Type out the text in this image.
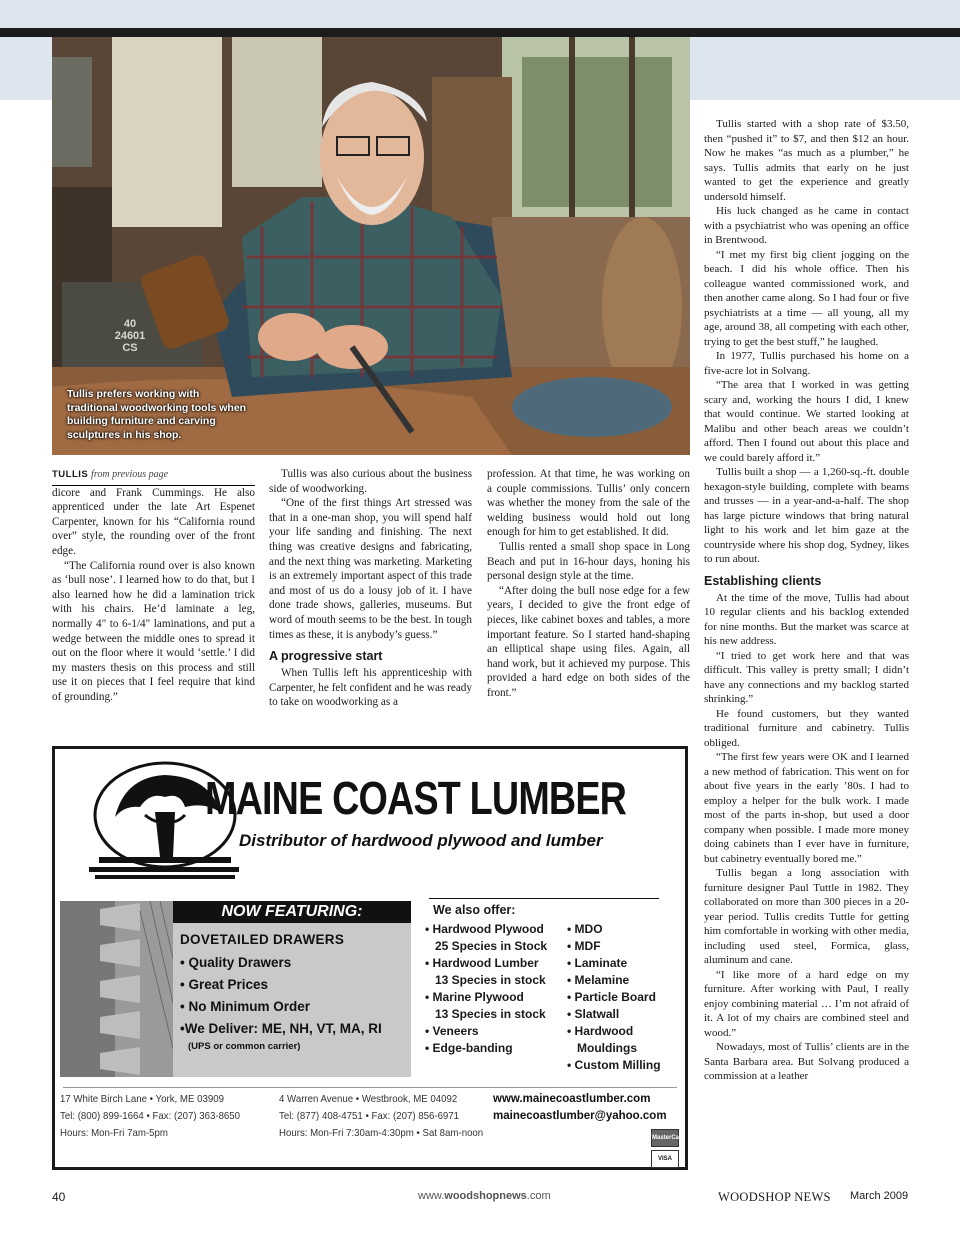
40
24601
CS
Tullis prefers working with traditional woodworking tools when building furniture and carving sculptures in his shop.

TULLIS from previous page

dicore and Frank Cummings. He also apprenticed under the late Art Espenet Carpenter, known for his “California round over” style, the rounding over of the front edge.

“The California round over is also known as ‘bull nose’. I learned how to do that, but I also learned how he did a lamination trick with his chairs. He’d laminate a leg, normally 4" to 6-1/4" laminations, and put a wedge between the middle ones to spread it out on the floor where it would ‘settle.’ I did my masters thesis on this process and still use it on pieces that I feel require that kind of grounding.”

Tullis was also curious about the business side of woodworking.

“One of the first things Art stressed was that in a one-man shop, you will spend half your life sanding and finishing. The next thing was creative designs and fabricating, and the next thing was marketing. Marketing is an extremely important aspect of this trade and most of us do a lousy job of it. I have done trade shows, galleries, museums. But word of mouth seems to be the best. In tough times as these, it is anybody’s guess.”

A progressive start

When Tullis left his apprenticeship with Carpenter, he felt confident and he was ready to take on woodworking as a

profession. At that time, he was working on a couple commissions. Tullis’ only concern was whether the money from the sale of the welding business would hold out long enough for him to get established. It did.

Tullis rented a small shop space in Long Beach and put in 16-hour days, honing his personal design style at the time.

“After doing the bull nose edge for a few years, I decided to give the front edge of pieces, like cabinet boxes and tables, a more important feature. So I started hand-shaping an elliptical shape using files. Again, all hand work, but it achieved my purpose. This provided a hard edge on both sides of the front.”

Tullis started with a shop rate of $3.50, then “pushed it” to $7, and then $12 an hour. Now he makes “as much as a plumber,” he says. Tullis admits that early on he just wanted to get the experience and greatly undersold himself.

His luck changed as he came in contact with a psychiatrist who was opening an office in Brentwood.

“I met my first big client jogging on the beach. I did his whole office. Then his colleague wanted commissioned work, and then another came along. So I had four or five psychiatrists at a time — all young, all my age, around 38, all competing with each other, trying to get the best stuff,” he laughed.

In 1977, Tullis purchased his home on a five-acre lot in Solvang.

“The area that I worked in was getting scary and, working the hours I did, I knew that would continue. We started looking at Malibu and other beach areas we couldn’t afford. Then I found out about this place and we could barely afford it.”

Tullis built a shop — a 1,260-sq.-ft. double hexagon-style building, complete with beams and trusses — in a year-and-a-half. The shop has large picture windows that bring natural light to his work and let him gaze at the countryside where his shop dog, Sydney, likes to run about.

Establishing clients

At the time of the move, Tullis had about 10 regular clients and his backlog extended for nine months. But the market was scarce at his new address.

“I tried to get work here and that was difficult. This valley is pretty small; I didn’t have any connections and my backlog started shrinking.”

He found customers, but they wanted traditional furniture and cabinetry. Tullis obliged.

“The first few years were OK and I learned a new method of fabrication. This went on for about five years in the early ’80s. I had to employ a helper for the bulk work. I made most of the parts in-shop, but used a door company when possible. I made more money doing cabinets than I ever have in furniture, but cabinetry eventually bored me.”

Tullis began a long association with furniture designer Paul Tuttle in 1982. They collaborated on more than 300 pieces in a 20-year period. Tullis credits Tuttle for getting him comfortable in working with other media, including used steel, Formica, glass, aluminum and cane.

“I like more of a hard edge on my furniture. After working with Paul, I really enjoy combining material … I’m not afraid of it. A lot of my chairs are combined steel and wood.”

Nowadays, most of Tullis’ clients are in the Santa Barbara area. But Solvang produced a commission at a leather

MAINE COAST LUMBER
Distributor of hardwood plywood and lumber
NOW FEATURING:
DOVETAILED DRAWERS
• Quality Drawers
• Great Prices
• No Minimum Order
•We Deliver: ME, NH, VT, MA, RI
(UPS or common carrier)
We also offer:
• Hardwood Plywood
25 Species in Stock
• Hardwood Lumber
13 Species in stock
• Marine Plywood
13 Species in stock
• Veneers
• Edge-banding
• MDO
• MDF
• Laminate
• Melamine
• Particle Board
• Slatwall
• Hardwood
Mouldings
• Custom Milling
17 White Birch Lane • York, ME 03909
Tel: (800) 899-1664 • Fax: (207) 363-8650
Hours: Mon-Fri 7am-5pm
4 Warren Avenue • Westbrook, ME 04092
Tel: (877) 408-4751 • Fax: (207) 856-6971
Hours: Mon-Fri 7:30am-4:30pm • Sat 8am-noon
www.mainecoastlumber.com
mainecoastlumber@yahoo.com
MasterCard
VISA
40	www.woodshopnews.com	WOODSHOP NEWS March 2009
